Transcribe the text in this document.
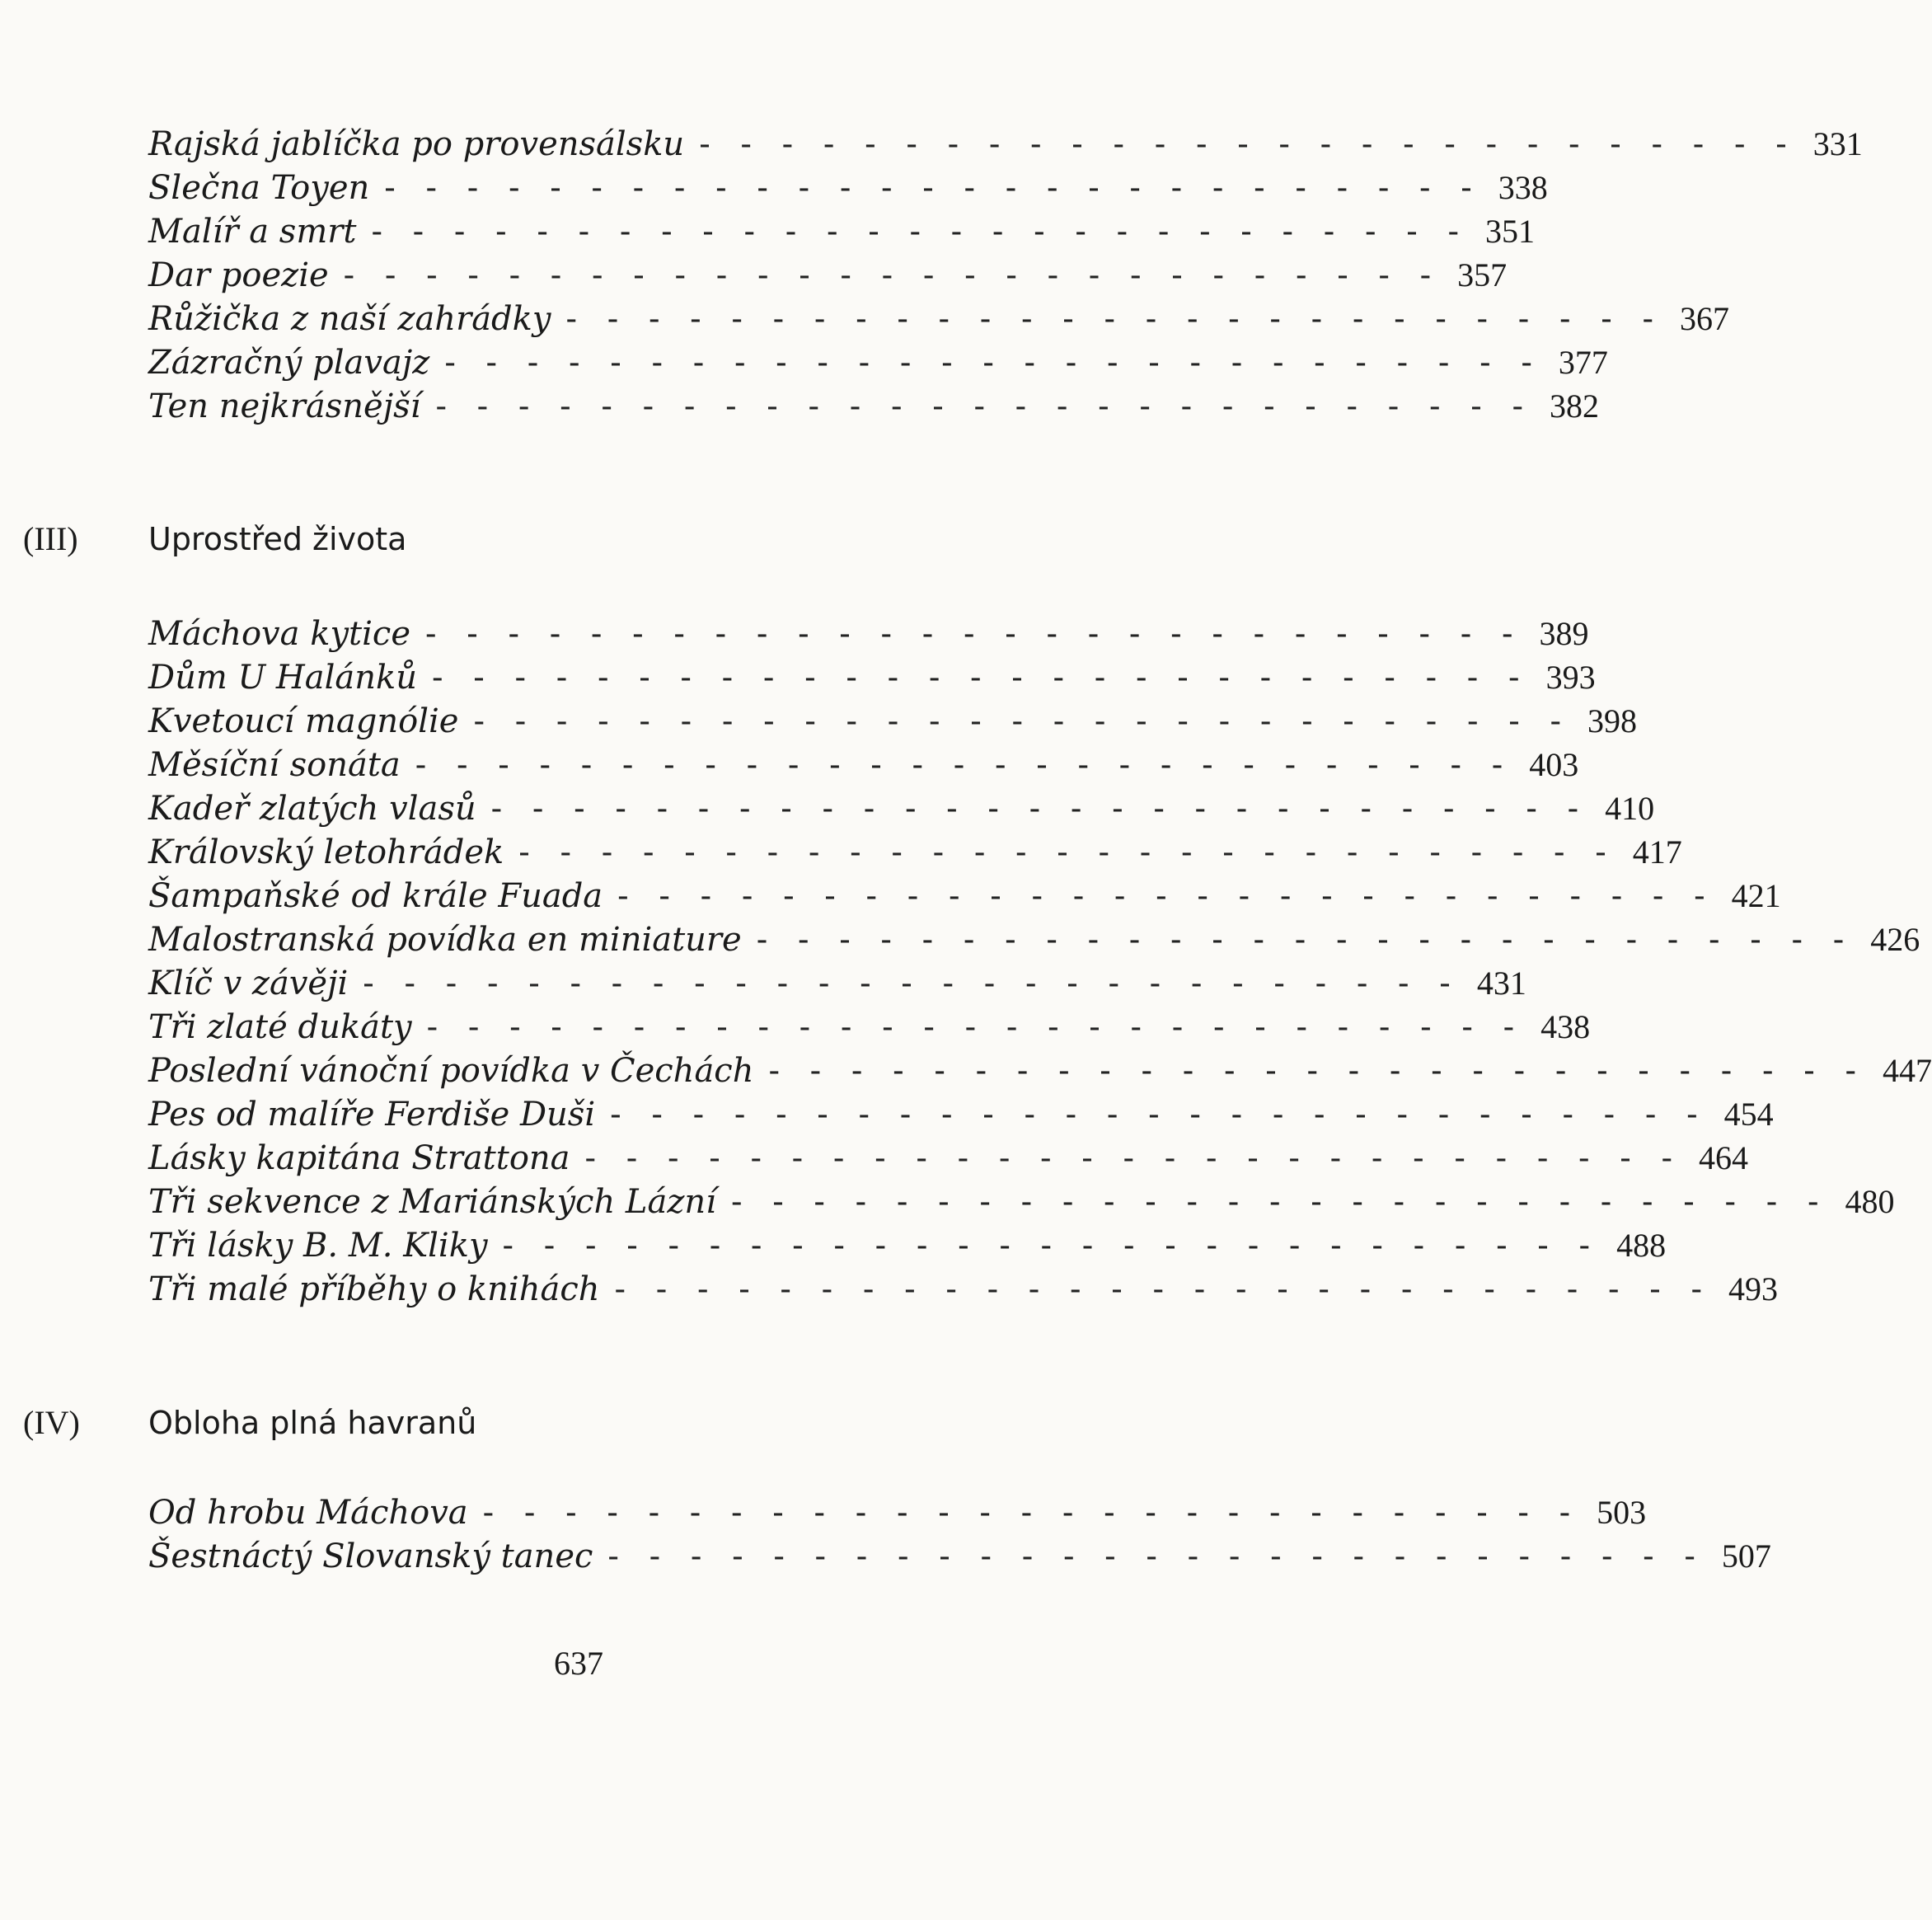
Rajská jablíčka po provensálsku - - - - - - - - - - - - - - - - - - - - - - - - - - - 331
Slečna Toyen - - - - - - - - - - - - - - - - - - - - - - - - - - - 338
Malíř a smrt - - - - - - - - - - - - - - - - - - - - - - - - - - - 351
Dar poezie - - - - - - - - - - - - - - - - - - - - - - - - - - - 357
Růžička z naší zahrádky - - - - - - - - - - - - - - - - - - - - - - - - - - - 367
Zázračný plavajz - - - - - - - - - - - - - - - - - - - - - - - - - - - 377
Ten nejkrásnější - - - - - - - - - - - - - - - - - - - - - - - - - - - 382
(III)	Uprostřed života
Máchova kytice - - - - - - - - - - - - - - - - - - - - - - - - - - - 389
Dům U Halánků - - - - - - - - - - - - - - - - - - - - - - - - - - - 393
Kvetoucí magnólie - - - - - - - - - - - - - - - - - - - - - - - - - - - 398
Měsíční sonáta - - - - - - - - - - - - - - - - - - - - - - - - - - - 403
Kadeř zlatých vlasů - - - - - - - - - - - - - - - - - - - - - - - - - - - 410
Královský letohrádek - - - - - - - - - - - - - - - - - - - - - - - - - - - 417
Šampaňské od krále Fuada - - - - - - - - - - - - - - - - - - - - - - - - - - - 421
Malostranská povídka en miniature - - - - - - - - - - - - - - - - - - - - - - - - - - - 426
Klíč v závěji - - - - - - - - - - - - - - - - - - - - - - - - - - - 431
Tři zlaté dukáty - - - - - - - - - - - - - - - - - - - - - - - - - - - 438
Poslední vánoční povídka v Čechách - - - - - - - - - - - - - - - - - - - - - - - - - - - 447
Pes od malíře Ferdiše Duši - - - - - - - - - - - - - - - - - - - - - - - - - - - 454
Lásky kapitána Strattona - - - - - - - - - - - - - - - - - - - - - - - - - - - 464
Tři sekvence z Mariánských Lázní - - - - - - - - - - - - - - - - - - - - - - - - - - - 480
Tři lásky B. M. Kliky - - - - - - - - - - - - - - - - - - - - - - - - - - - 488
Tři malé příběhy o knihách - - - - - - - - - - - - - - - - - - - - - - - - - - - 493
(IV)	Obloha plná havranů
Od hrobu Máchova - - - - - - - - - - - - - - - - - - - - - - - - - - - 503
Šestnáctý Slovanský tanec - - - - - - - - - - - - - - - - - - - - - - - - - - - 507
637
